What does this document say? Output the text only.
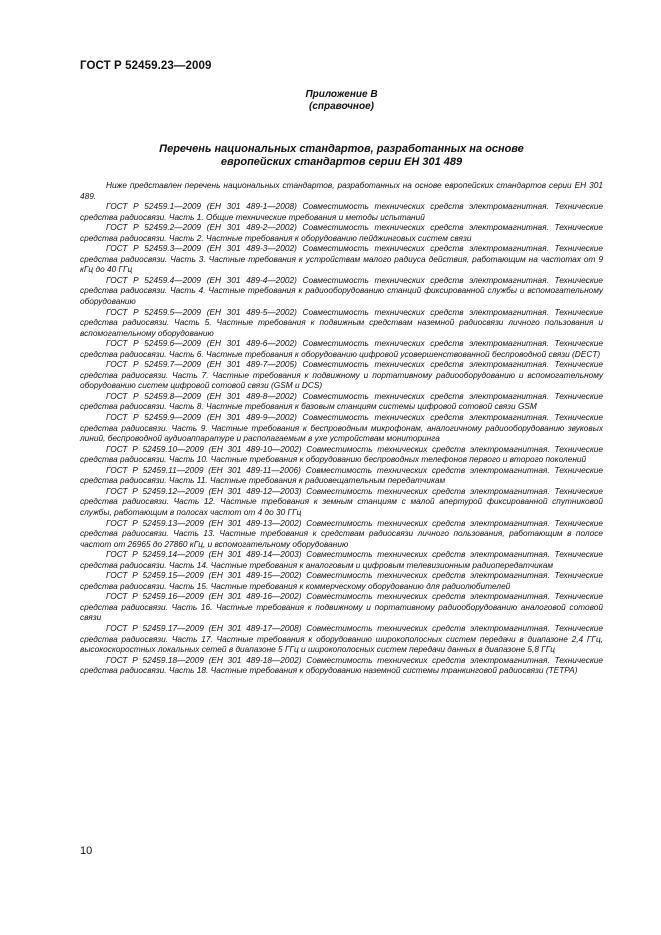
ГОСТ Р 52459.23—2009
Приложение В
(справочное)
Перечень национальных стандартов, разработанных на основе
европейских стандартов серии ЕН 301 489

Ниже представлен перечень национальных стандартов, разработанных на основе европейских стандартов серии ЕН 301 489.

ГОСТ Р 52459.1—2009 (ЕН 301 489-1—2008) Совместимость технических средств электромагнитная. Технические средства радиосвязи. Часть 1. Общие технические требования и методы испытаний

ГОСТ Р 52459.2—2009 (ЕН 301 489-2—2002) Совместимость технических средств электромагнитная. Технические средства радиосвязи. Часть 2. Частные требования к оборудованию пейджинговых систем связи

ГОСТ Р 52459.3—2009 (ЕН 301 489-3—2002) Совместимость технических средств электромагнитная. Технические средства радиосвязи. Часть 3. Частные требования к устройствам малого радиуса действия, работающим на частотах от 9 кГц до 40 ГГц

ГОСТ Р 52459.4—2009 (ЕН 301 489-4—2002) Совместимость технических средств электромагнитная. Технические средства радиосвязи. Часть 4. Частные требования к радиооборудованию станций фиксированной службы и вспомогательному оборудованию

ГОСТ Р 52459.5—2009 (ЕН 301 489-5—2002) Совместимость технических средств электромагнитная. Технические средства радиосвязи. Часть 5. Частные требования к подвижным средствам наземной радиосвязи личного пользования и вспомогательному оборудованию

ГОСТ Р 52459.6—2009 (ЕН 301 489-6—2002) Совместимость технических средств электромагнитная. Технические средства радиосвязи. Часть 6. Частные требования к оборудованию цифровой усовершенствованной беспроводной связи (DECT)

ГОСТ Р 52459.7—2009 (ЕН 301 489-7—2005) Совместимость технических средств электромагнитная. Технические средства радиосвязи. Часть 7. Частные требования к подвижному и портативному радиооборудованию и вспомогательному оборудованию систем цифровой сотовой связи (GSM и DCS)

ГОСТ Р 52459.8—2009 (ЕН 301 489-8—2002) Совместимость технических средств электромагнитная. Технические средства радиосвязи. Часть 8. Частные требования к базовым станциям системы цифровой сотовой связи GSM

ГОСТ Р 52459.9—2009 (ЕН 301 489-9—2002) Совместимость технических средств электромагнитная. Технические средства радиосвязи. Часть 9. Частные требования к беспроводным микрофонам, аналогичному радиооборудованию звуковых линий, беспроводной аудиоаппаратуре и располагаемым в ухе устройствам мониторинга

ГОСТ Р 52459.10—2009 (ЕН 301 489-10—2002) Совместимость технических средств электромагнитная. Технические средства радиосвязи. Часть 10. Частные требования к оборудованию беспроводных телефонов первого и второго поколений

ГОСТ Р 52459.11—2009 (ЕН 301 489-11—2006) Совместимость технических средств электромагнитная. Технические средства радиосвязи. Часть 11. Частные требования к радиовещательным передатчикам

ГОСТ Р 52459.12—2009 (ЕН 301 489-12—2003) Совместимость технических средств электромагнитная. Технические средства радиосвязи. Часть 12. Частные требования к земным станциям с малой апертурой фиксированной спутниковой службы, работающим в полосах частот от 4 до 30 ГГц

ГОСТ Р 52459.13—2009 (ЕН 301 489-13—2002) Совместимость технических средств электромагнитная. Технические средства радиосвязи. Часть 13. Частные требования к средствам радиосвязи личного пользования, работающим в полосе частот от 26965 до 27860 кГц, и вспомогательному оборудованию

ГОСТ Р 52459.14—2009 (ЕН 301 489-14—2003) Совместимость технических средств электромагнитная. Технические средства радиосвязи. Часть 14. Частные требования к аналоговым и цифровым телевизионным радиопередатчикам

ГОСТ Р 52459.15—2009 (ЕН 301 489-15—2002) Совместимость технических средств электромагнитная. Технические средства радиосвязи. Часть 15. Частные требования к коммерческому оборудованию для радиолюбителей

ГОСТ Р 52459.16—2009 (ЕН 301 489-16—2002) Совместимость технических средств электромагнитная. Технические средства радиосвязи. Часть 16. Частные требования к подвижному и портативному радиооборудованию аналоговой сотовой связи

ГОСТ Р 52459.17—2009 (ЕН 301 489-17—2008) Совместимость технических средств электромагнитная. Технические средства радиосвязи. Часть 17. Частные требования к оборудованию широкополосных систем передачи в диапазоне 2,4 ГГц, высокоскоростных локальных сетей в диапазоне 5 ГГц и широкополосных систем передачи данных в диапазоне 5,8 ГГц

ГОСТ Р 52459.18—2009 (ЕН 301 489-18—2002) Совместимость технических средств электромагнитная. Технические средства радиосвязи. Часть 18. Частные требования к оборудованию наземной системы транкинговой радиосвязи (ТЕТРА)

10
